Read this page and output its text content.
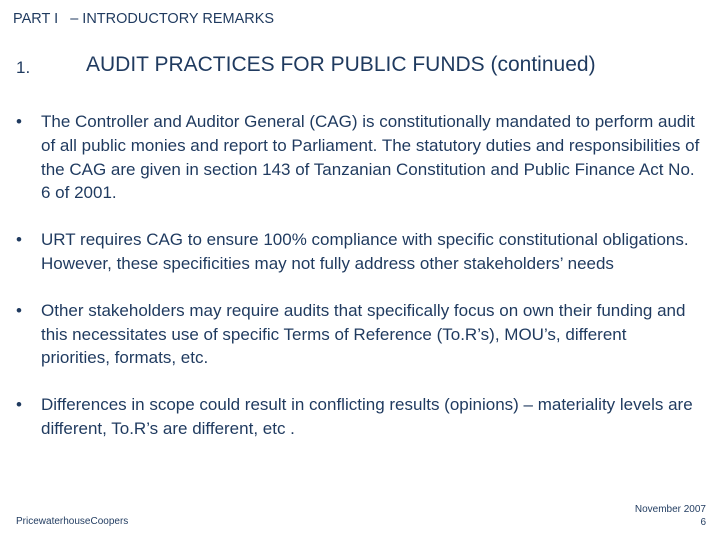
PART I   – INTRODUCTORY REMARKS
1.	AUDIT PRACTICES FOR PUBLIC FUNDS (continued)
• The Controller and Auditor General (CAG) is constitutionally mandated to perform audit of all public monies and report to Parliament. The statutory duties and responsibilities of the CAG are given in section 143 of Tanzanian Constitution and Public Finance Act No. 6 of 2001.
• URT requires CAG to ensure 100% compliance with specific constitutional obligations. However, these specificities may not fully address other stakeholders’ needs
• Other stakeholders may require audits that specifically focus on own their funding and this necessitates use of specific Terms of Reference (To.R’s), MOU’s, different priorities, formats, etc.
• Differences in scope could result in conflicting results (opinions) – materiality levels are different, To.R’s are different, etc .
PricewaterhouseCoopers
November 2007
6
